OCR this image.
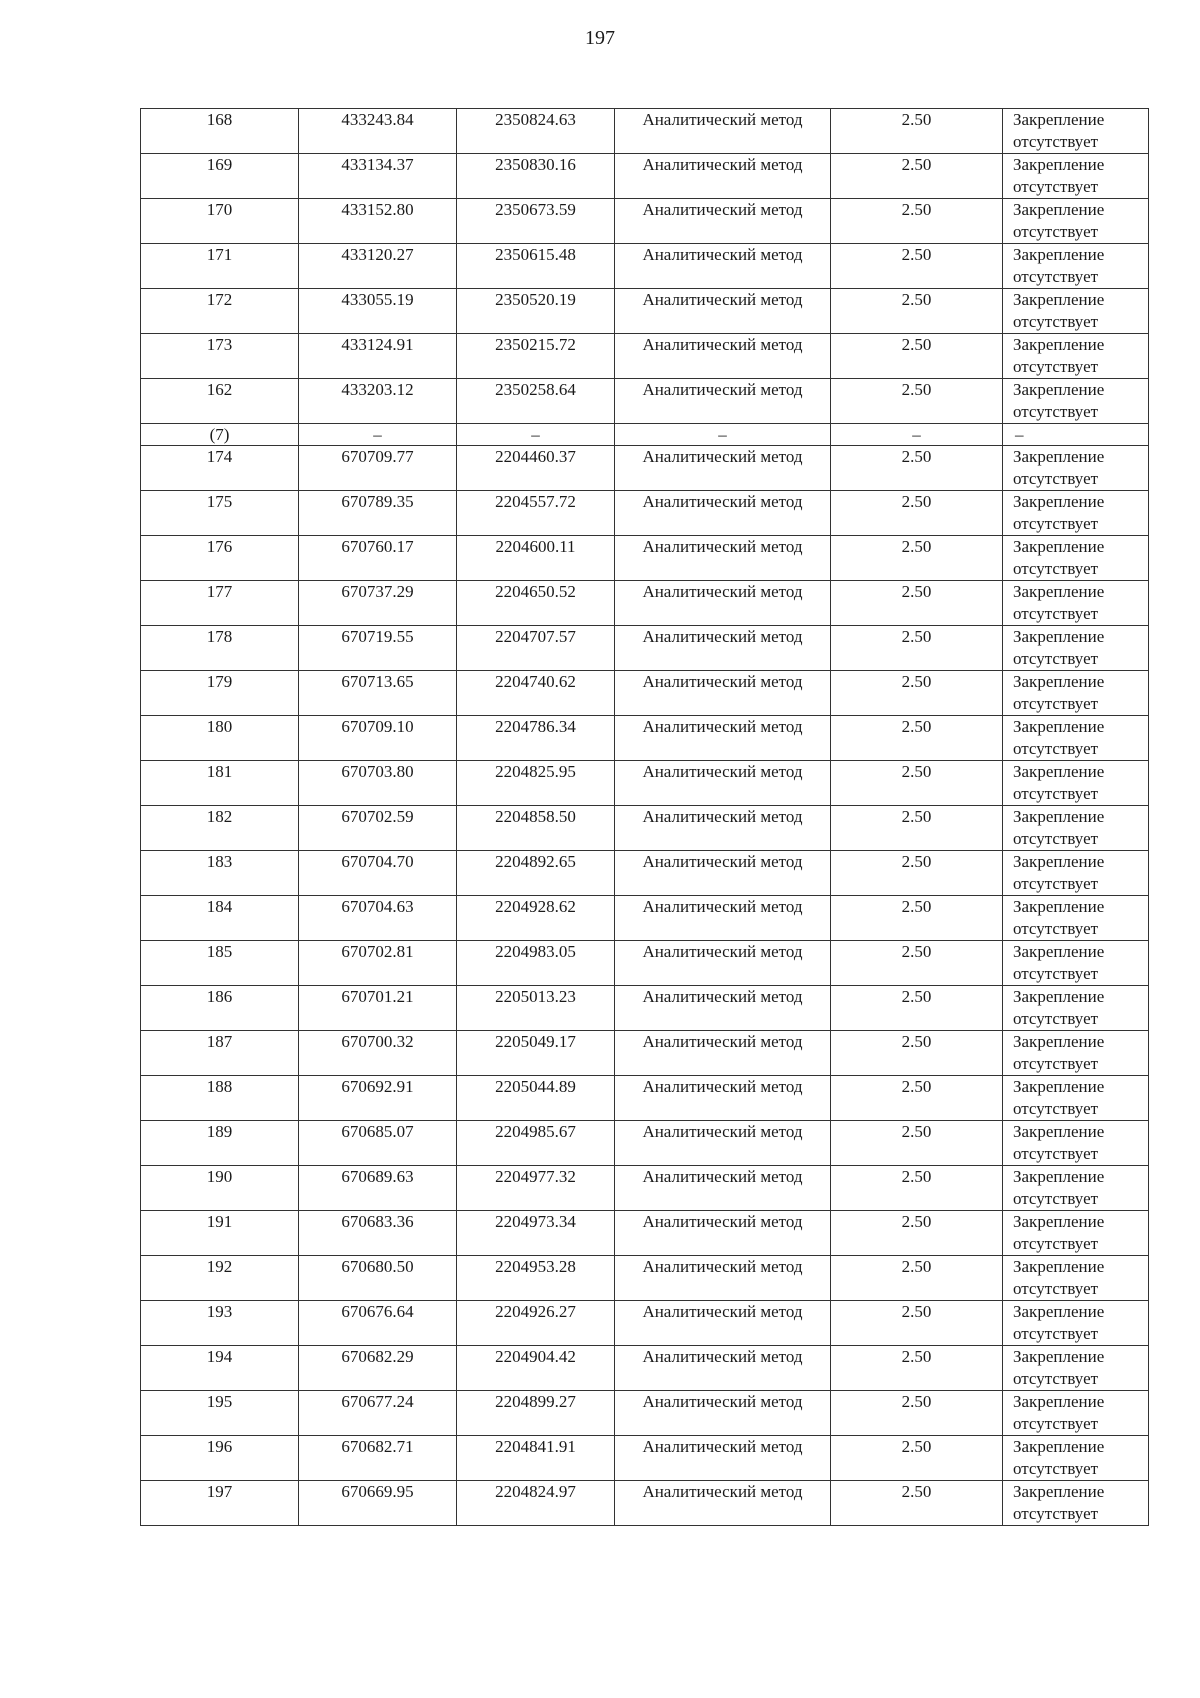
197
168	433243.84	2350824.63	Аналитический метод	2.50	Закрепление отсутствует
169	433134.37	2350830.16	Аналитический метод	2.50	Закрепление отсутствует
170	433152.80	2350673.59	Аналитический метод	2.50	Закрепление отсутствует
171	433120.27	2350615.48	Аналитический метод	2.50	Закрепление отсутствует
172	433055.19	2350520.19	Аналитический метод	2.50	Закрепление отсутствует
173	433124.91	2350215.72	Аналитический метод	2.50	Закрепление отсутствует
162	433203.12	2350258.64	Аналитический метод	2.50	Закрепление отсутствует
(7)	–	–	–	–	–
174	670709.77	2204460.37	Аналитический метод	2.50	Закрепление отсутствует
175	670789.35	2204557.72	Аналитический метод	2.50	Закрепление отсутствует
176	670760.17	2204600.11	Аналитический метод	2.50	Закрепление отсутствует
177	670737.29	2204650.52	Аналитический метод	2.50	Закрепление отсутствует
178	670719.55	2204707.57	Аналитический метод	2.50	Закрепление отсутствует
179	670713.65	2204740.62	Аналитический метод	2.50	Закрепление отсутствует
180	670709.10	2204786.34	Аналитический метод	2.50	Закрепление отсутствует
181	670703.80	2204825.95	Аналитический метод	2.50	Закрепление отсутствует
182	670702.59	2204858.50	Аналитический метод	2.50	Закрепление отсутствует
183	670704.70	2204892.65	Аналитический метод	2.50	Закрепление отсутствует
184	670704.63	2204928.62	Аналитический метод	2.50	Закрепление отсутствует
185	670702.81	2204983.05	Аналитический метод	2.50	Закрепление отсутствует
186	670701.21	2205013.23	Аналитический метод	2.50	Закрепление отсутствует
187	670700.32	2205049.17	Аналитический метод	2.50	Закрепление отсутствует
188	670692.91	2205044.89	Аналитический метод	2.50	Закрепление отсутствует
189	670685.07	2204985.67	Аналитический метод	2.50	Закрепление отсутствует
190	670689.63	2204977.32	Аналитический метод	2.50	Закрепление отсутствует
191	670683.36	2204973.34	Аналитический метод	2.50	Закрепление отсутствует
192	670680.50	2204953.28	Аналитический метод	2.50	Закрепление отсутствует
193	670676.64	2204926.27	Аналитический метод	2.50	Закрепление отсутствует
194	670682.29	2204904.42	Аналитический метод	2.50	Закрепление отсутствует
195	670677.24	2204899.27	Аналитический метод	2.50	Закрепление отсутствует
196	670682.71	2204841.91	Аналитический метод	2.50	Закрепление отсутствует
197	670669.95	2204824.97	Аналитический метод	2.50	Закрепление отсутствует
